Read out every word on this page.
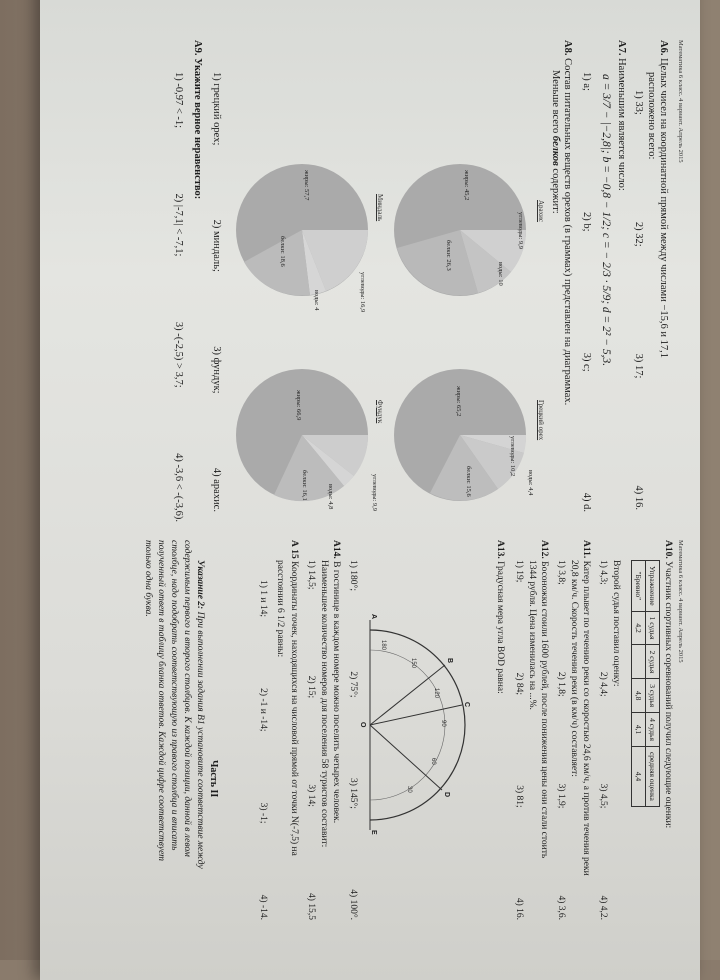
Математика 6 класс. 4 вариант. Апрель 2015
А6. Целых чисел на координатной прямой между числами −15,6 и 17,1
расположено всего:
1) 33;
2) 32;
3) 17;
4) 16.
А7. Наименьшим является число:
a = 3/7 − |−2,8|; b = −0,8 − 1/2; c = − 2/3 · 5/9; d = 2² − 5,3.
1) a;
2) b;
3) c;
4) d.
А8. Состав питательных веществ орехов (в граммах) представлен на диаграммах.
Меньше всего белков содержит:
Арахис
углеводы: 9,9
воды: 10
белки: 26,3
жиры: 45,2
Грецкий орех
воды: 4,4
углеводы: 10,2
белки: 15,6
жиры: 65,2
Миндаль
углеводы: 16,9
воды: 4
белки: 18,6
жиры: 57,7
Фундук
углеводы: 9,9
воды: 4,8
белки: 16,1
жиры: 66,9
1) грецкий орех;
2) миндаль;
3) фундук;
4) арахис.
А9. Укажите верное неравенство:
1) -0,97 < -1;
2) |-7,1| < -7,1;
3) -(-2,5) > 3,7;
4) -3,6 < -(-3,6).
Математика 6 класс. 4 вариант. Апрель 2015
А10. Участник спортивных соревнований получил следующие оценки:
Упражнение	1 судья	2 судья	3 судья	4 судья	средняя оценка
"Бревно"	4,2		4,8	4,1	4,4
Второй судья поставил оценку:
1) 4,3;
2) 4,4;
3) 4,5;
4) 4,2.
А11. Катер плывет по течению реки со скоростью 24,6 км/ч, а против течения реки
20,8 км/ч. Скорость течения реки (в км/ч) составляет:
1) 3,8;
2) 1,8;
3) 1,9;
4) 3,6.
А12. Босоножки стоили 1600 рублей, после понижения цены они стали стоить
1344 рубля. Цена изменилась на ...%.
1) 19;
2) 84;
3) 81;
4) 16.
А13. Градусная мера угла BOD равна:
180
150
120
90
60
30
A
B
C
D
E
O
1) 180°;
2) 75°;
3) 145°;
4) 100°.
А14. В гостинице в каждом номере можно поселить четырех человек.
Наименьшее количество номеров для поселения 58 туристов составит:
1) 14,5;
2) 15;
3) 14;
4) 15,5
А 15 Координаты точек, находящихся на числовой прямой от точки N(-7,5) на
расстоянии 6 1/2 равны:
1) 1 и 14;
2) -1 и -14;
3) -1;
4) -14.
Часть II
Указание 2: При выполнении задания В1 установите соответствие между
содержимым первого и второго столбцов. К каждой позиции, данной в левом
столбце, надо подобрать соответствующую из правого столбца и вписать
полученный ответ в таблицу бланка ответов. Каждой цифре соответствует
только одна буква.
